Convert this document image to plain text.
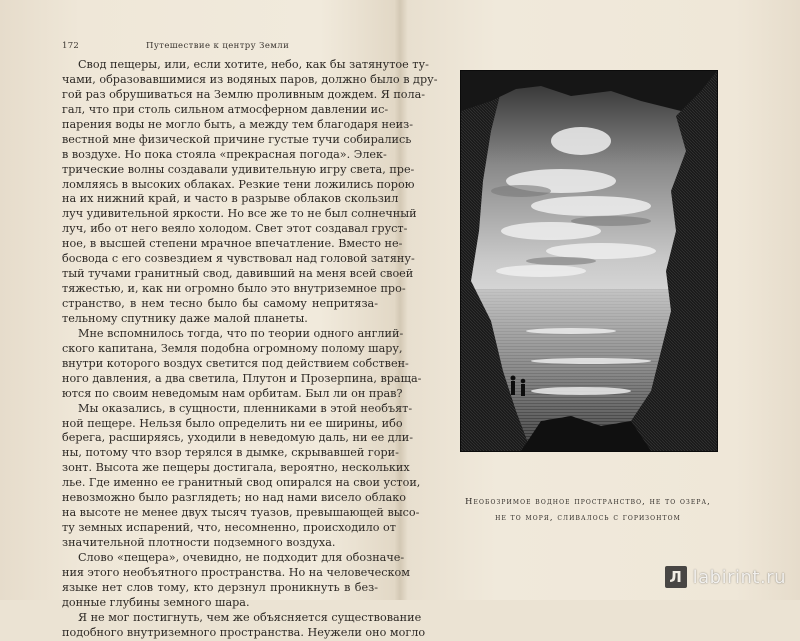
172	Путешествие к центру Земли
Свод пещеры, или, если хотите, небо, как бы затянутое ту-
чами, образовавшимися из водяных паров, должно было в дру-
гой раз обрушиваться на Землю проливным дождем. Я пола-
гал, что при столь сильном атмосферном давлении ис-
парения воды не могло быть, а между тем благодаря неиз-
вестной мне физической причине густые тучи собирались
в воздухе. Но пока стояла «прекрасная погода». Элек-
трические волны создавали удивительную игру света, пре-
ломляясь в высоких облаках. Резкие тени ложились порою
на их нижний край, и часто в разрыве облаков скользил
луч удивительной яркости. Но все же то не был солнечный
луч, ибо от него веяло холодом. Свет этот создавал груст-
ное, в высшей степени мрачное впечатление. Вместо не-
босвода с его созвездием я чувствовал над головой затяну-
тый тучами гранитный свод, давивший на меня всей своей
тяжестью, и, как ни огромно было это внутриземное про-
странство, в нем тесно было бы самому непритяза-
тельному спутнику даже малой планеты.
Мне вспомнилось тогда, что по теории одного англий-
ского капитана, Земля подобна огромному полому шару,
внутри которого воздух светится под действием собствен-
ного давления, а два светила, Плутон и Прозерпина, враща-
ются по своим неведомым нам орбитам. Был ли он прав?
Мы оказались, в сущности, пленниками в этой необъят-
ной пещере. Нельзя было определить ни ее ширины, ибо
берега, расширяясь, уходили в неведомую даль, ни ее дли-
ны, потому что взор терялся в дымке, скрывавшей гори-
зонт. Высота же пещеры достигала, вероятно, нескольких
лье. Где именно ее гранитный свод опирался на свои устои,
невозможно было разглядеть; но над нами висело облако
на высоте не менее двух тысяч туазов, превышающей высо-
ту земных испарений, что, несомненно, происходило от
значительной плотности подземного воздуха.
Слово «пещера», очевидно, не подходит для обозначе-
ния этого необъятного пространства. Но на человеческом
языке нет слов тому, кто дерзнул проникнуть в без-
донные глубины земного шара.
Я не мог постигнуть, чем же объясняется существование
подобного внутриземного пространства. Неужели оно могло
Необозримое водное пространство, не то озера,
не то моря, сливалось с горизонтом
Л labirint.ru
